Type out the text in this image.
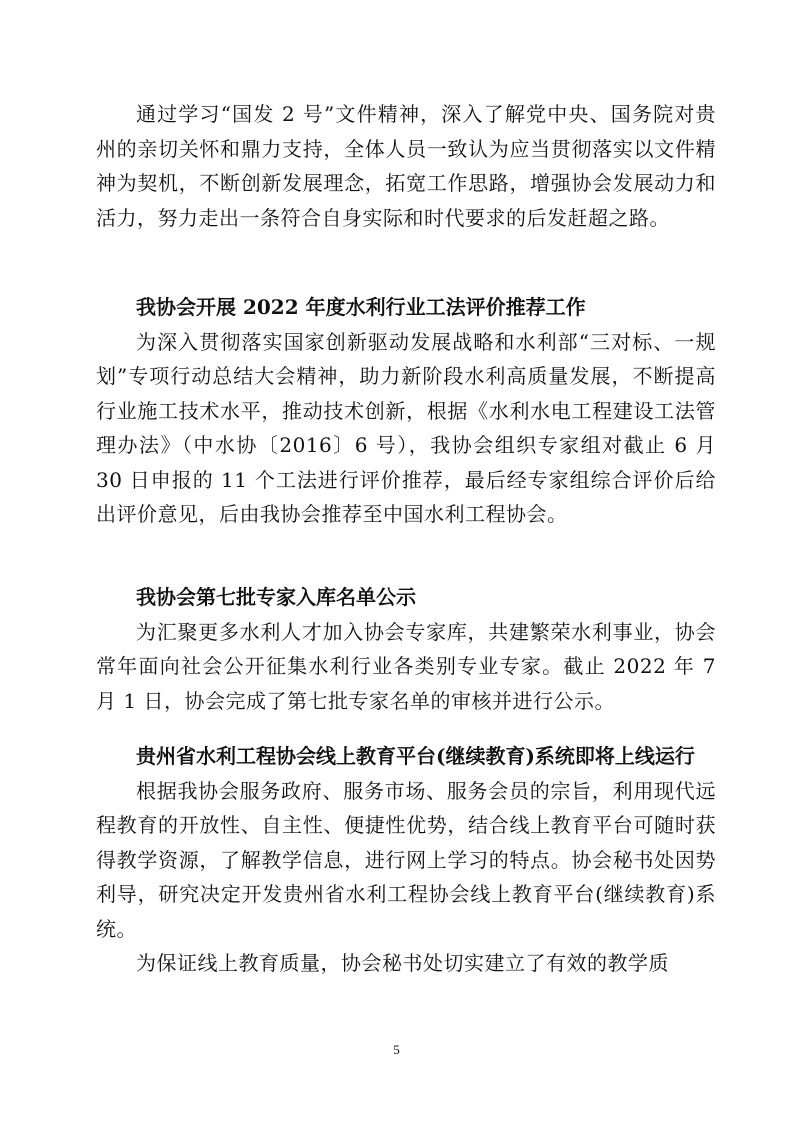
通过学习“国发 2 号”文件精神，深入了解党中央、国务院对贵州的亲切关怀和鼎力支持，全体人员一致认为应当贯彻落实以文件精神为契机，不断创新发展理念，拓宽工作思路，增强协会发展动力和活力，努力走出一条符合自身实际和时代要求的后发赶超之路。

我协会开展 2022 年度水利行业工法评价推荐工作

为深入贯彻落实国家创新驱动发展战略和水利部“三对标、一规划”专项行动总结大会精神，助力新阶段水利高质量发展，不断提高行业施工技术水平，推动技术创新，根据《水利水电工程建设工法管理办法》（中水协〔2016〕6 号），我协会组织专家组对截止 6 月 30 日申报的 11 个工法进行评价推荐，最后经专家组综合评价后给出评价意见，后由我协会推荐至中国水利工程协会。

我协会第七批专家入库名单公示

为汇聚更多水利人才加入协会专家库，共建繁荣水利事业，协会常年面向社会公开征集水利行业各类别专业专家。截止 2022 年 7 月 1 日，协会完成了第七批专家名单的审核并进行公示。

贵州省水利工程协会线上教育平台(继续教育)系统即将上线运行

根据我协会服务政府、服务市场、服务会员的宗旨，利用现代远程教育的开放性、自主性、便捷性优势，结合线上教育平台可随时获得教学资源，了解教学信息，进行网上学习的特点。协会秘书处因势利导，研究决定开发贵州省水利工程协会线上教育平台(继续教育)系统。

为保证线上教育质量，协会秘书处切实建立了有效的教学质

5
